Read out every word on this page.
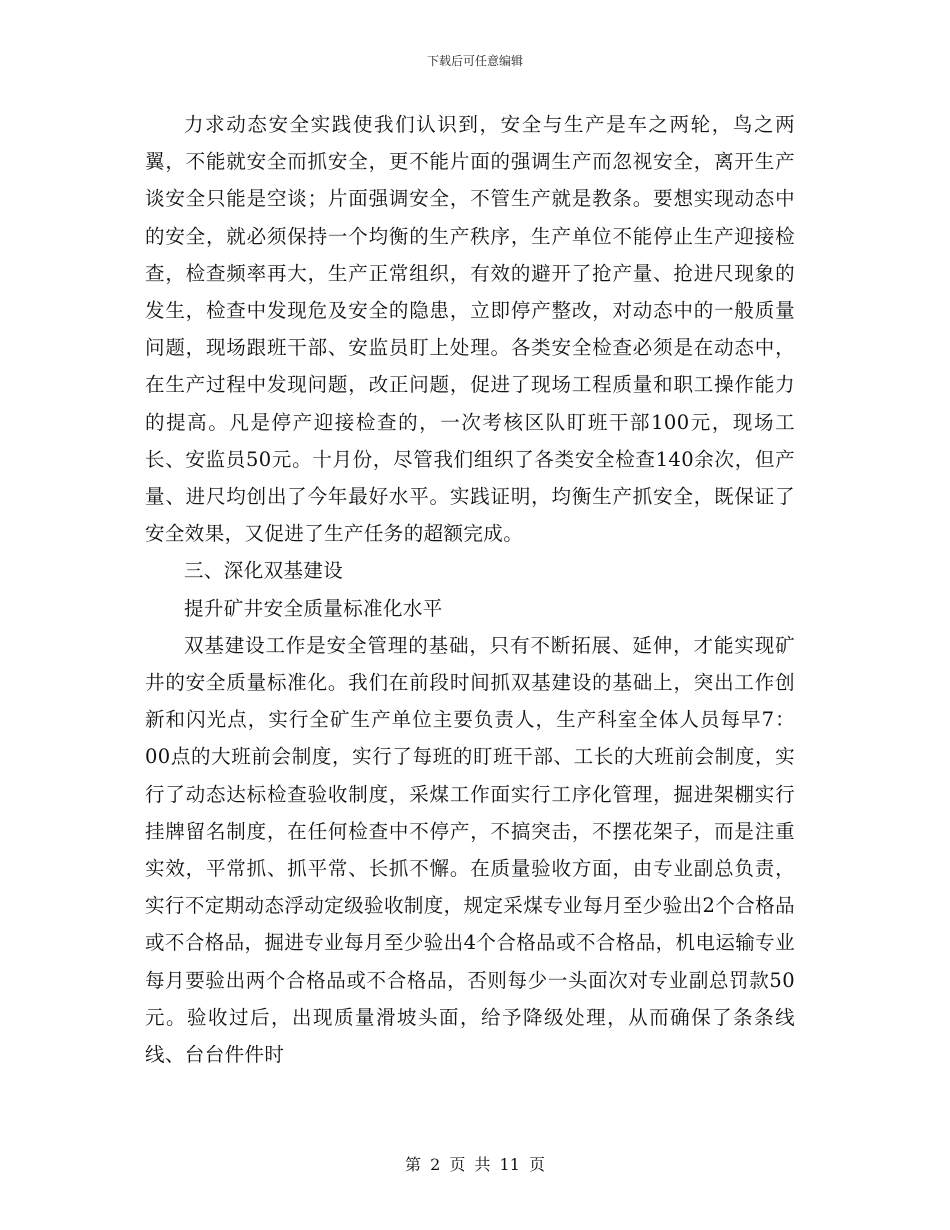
下载后可任意编辑

力求动态安全实践使我们认识到，安全与生产是车之两轮，鸟之两翼，不能就安全而抓安全，更不能片面的强调生产而忽视安全，离开生产谈安全只能是空谈；片面强调安全，不管生产就是教条。要想实现动态中的安全，就必须保持一个均衡的生产秩序，生产单位不能停止生产迎接检查，检查频率再大，生产正常组织，有效的避开了抢产量、抢进尺现象的发生，检查中发现危及安全的隐患，立即停产整改，对动态中的一般质量问题，现场跟班干部、安监员盯上处理。各类安全检查必须是在动态中，在生产过程中发现问题，改正问题，促进了现场工程质量和职工操作能力的提高。凡是停产迎接检查的，一次考核区队盯班干部100元，现场工长、安监员50元。十月份，尽管我们组织了各类安全检查140余次，但产量、进尺均创出了今年最好水平。实践证明，均衡生产抓安全，既保证了安全效果，又促进了生产任务的超额完成。

三、深化双基建设

提升矿井安全质量标准化水平

双基建设工作是安全管理的基础，只有不断拓展、延伸，才能实现矿井的安全质量标准化。我们在前段时间抓双基建设的基础上，突出工作创新和闪光点，实行全矿生产单位主要负责人，生产科室全体人员每早7：00点的大班前会制度，实行了每班的盯班干部、工长的大班前会制度，实行了动态达标检查验收制度，采煤工作面实行工序化管理，掘进架棚实行挂牌留名制度，在任何检查中不停产，不搞突击，不摆花架子，而是注重实效，平常抓、抓平常、长抓不懈。在质量验收方面，由专业副总负责，实行不定期动态浮动定级验收制度，规定采煤专业每月至少验出2个合格品或不合格品，掘进专业每月至少验出4个合格品或不合格品，机电运输专业每月要验出两个合格品或不合格品，否则每少一头面次对专业副总罚款50元。验收过后，出现质量滑坡头面，给予降级处理，从而确保了条条线线、台台件件时

第 2 页 共 11 页
